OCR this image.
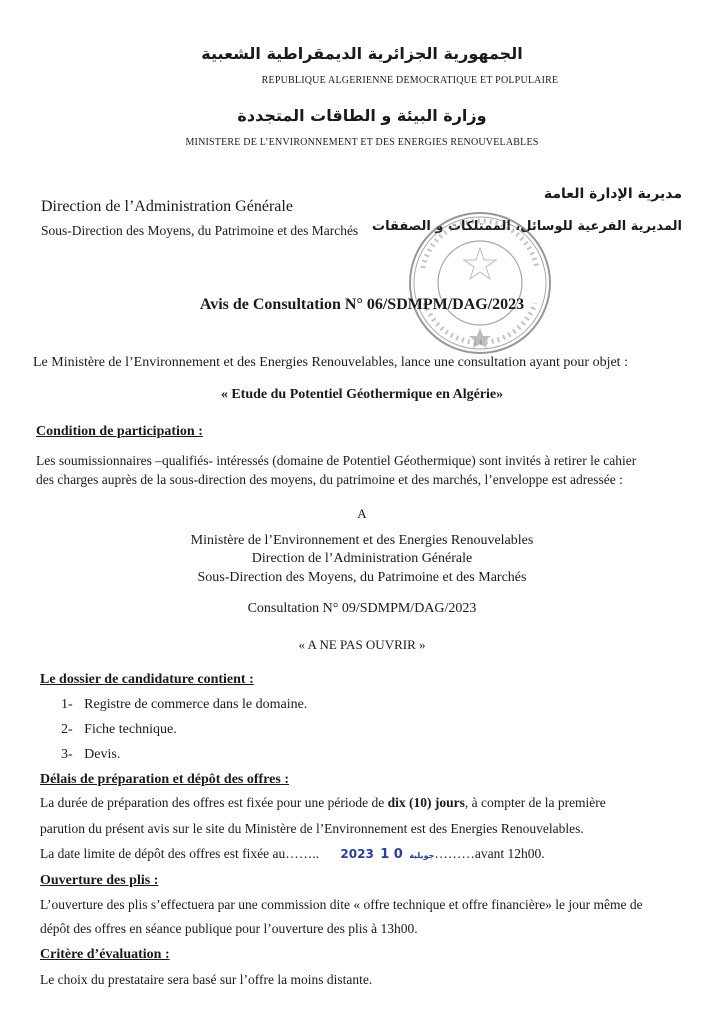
الجمهورية الجزائرية الديمقراطية الشعبية
REPUBLIQUE ALGERIENNE DEMOCRATIQUE ET POLPULAIRE
وزارة البيئة و الطاقات المتجددة
MINISTERE DE L’ENVIRONNEMENT ET DES ENERGIES RENOUVELABLES
Direction de l’Administration Générale
Sous-Direction des Moyens, du Patrimoine et des Marchés
مديرية الإدارة العامة
المديرية الفرعية للوسائل، الممتلكات و الصفقات
Avis de Consultation N° 06/SDMPM/DAG/2023
Le Ministère de l’Environnement et des Energies Renouvelables, lance une consultation ayant pour objet :
« Etude du Potentiel Géothermique en Algérie»
Condition de participation :
Les soumissionnaires –qualifiés- intéressés (domaine de Potentiel Géothermique) sont invités à retirer le cahier
des charges auprès de la sous-direction des moyens, du patrimoine et des marchés, l’enveloppe est adressée :
A
Ministère de l’Environnement et des Energies Renouvelables
Direction de l’Administration Générale
Sous-Direction des Moyens, du Patrimoine et des Marchés
Consultation N° 09/SDMPM/DAG/2023
« A NE PAS OUVRIR »
Le dossier de candidature contient :
1- Registre de commerce dans le domaine.
2- Fiche technique.
3- Devis.
Délais de préparation et dépôt des offres :
La durée de préparation des offres est fixée pour une période de dix (10) jours, à compter de la première
parution du présent avis sur le site du Ministère de l’Environnement est des Energies Renouvelables.
La date limite de dépôt des offres est fixée au…….. 2023	جويلية 0 1 ………avant 12h00.
Ouverture des plis :
L’ouverture des plis s’effectuera par une commission dite « offre technique et offre financière» le jour même de
dépôt des offres en séance publique pour l’ouverture des plis à 13h00.
Critère d’évaluation :
Le choix du prestataire sera basé sur l’offre la moins distante.
